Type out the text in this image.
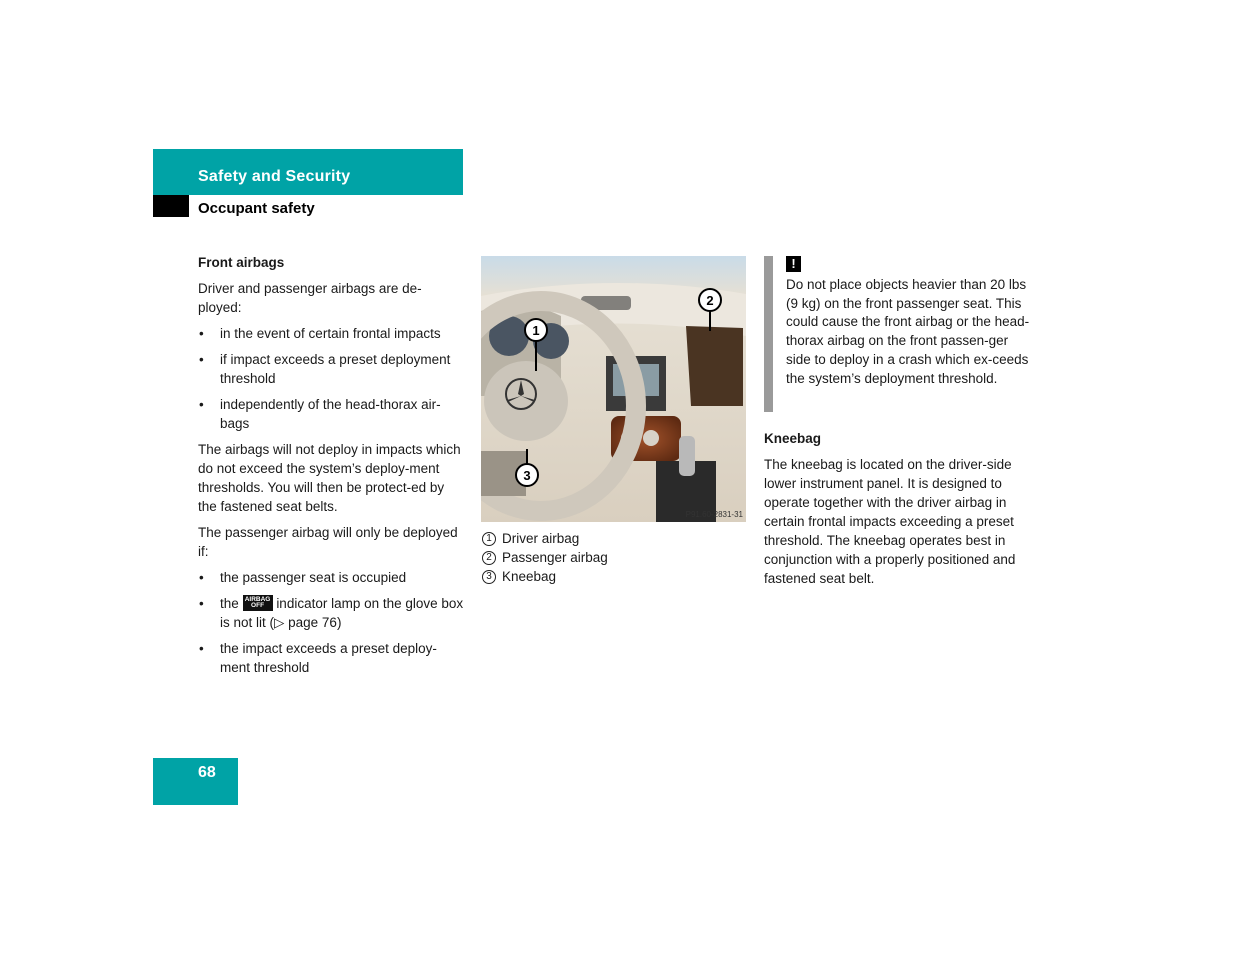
Safety and Security
Occupant safety
Front airbags

Driver and passenger airbags are de-ployed:

• in the event of certain frontal impacts
• if impact exceeds a preset deployment threshold
• independently of the head-thorax air-bags

The airbags will not deploy in impacts which do not exceed the system’s deploy-ment thresholds. You will then be protect-ed by the fastened seat belts.

The passenger airbag will only be deployed if:

• the passenger seat is occupied
• the AIRBAG
OFF indicator lamp on the glove box is not lit (▷ page 76)
• the impact exceeds a preset deploy-ment threshold
1
2
3
P91.60-2831-31
1 Driver airbag
2 Passenger airbag
3 Kneebag
!
Do not place objects heavier than 20 lbs (9 kg) on the front passenger seat. This could cause the front airbag or the head-thorax airbag on the front passen-ger side to deploy in a crash which ex-ceeds the system’s deployment threshold.
Kneebag

The kneebag is located on the driver-side lower instrument panel. It is designed to operate together with the driver airbag in certain frontal impacts exceeding a preset threshold. The kneebag operates best in conjunction with a properly positioned and fastened seat belt.

68
